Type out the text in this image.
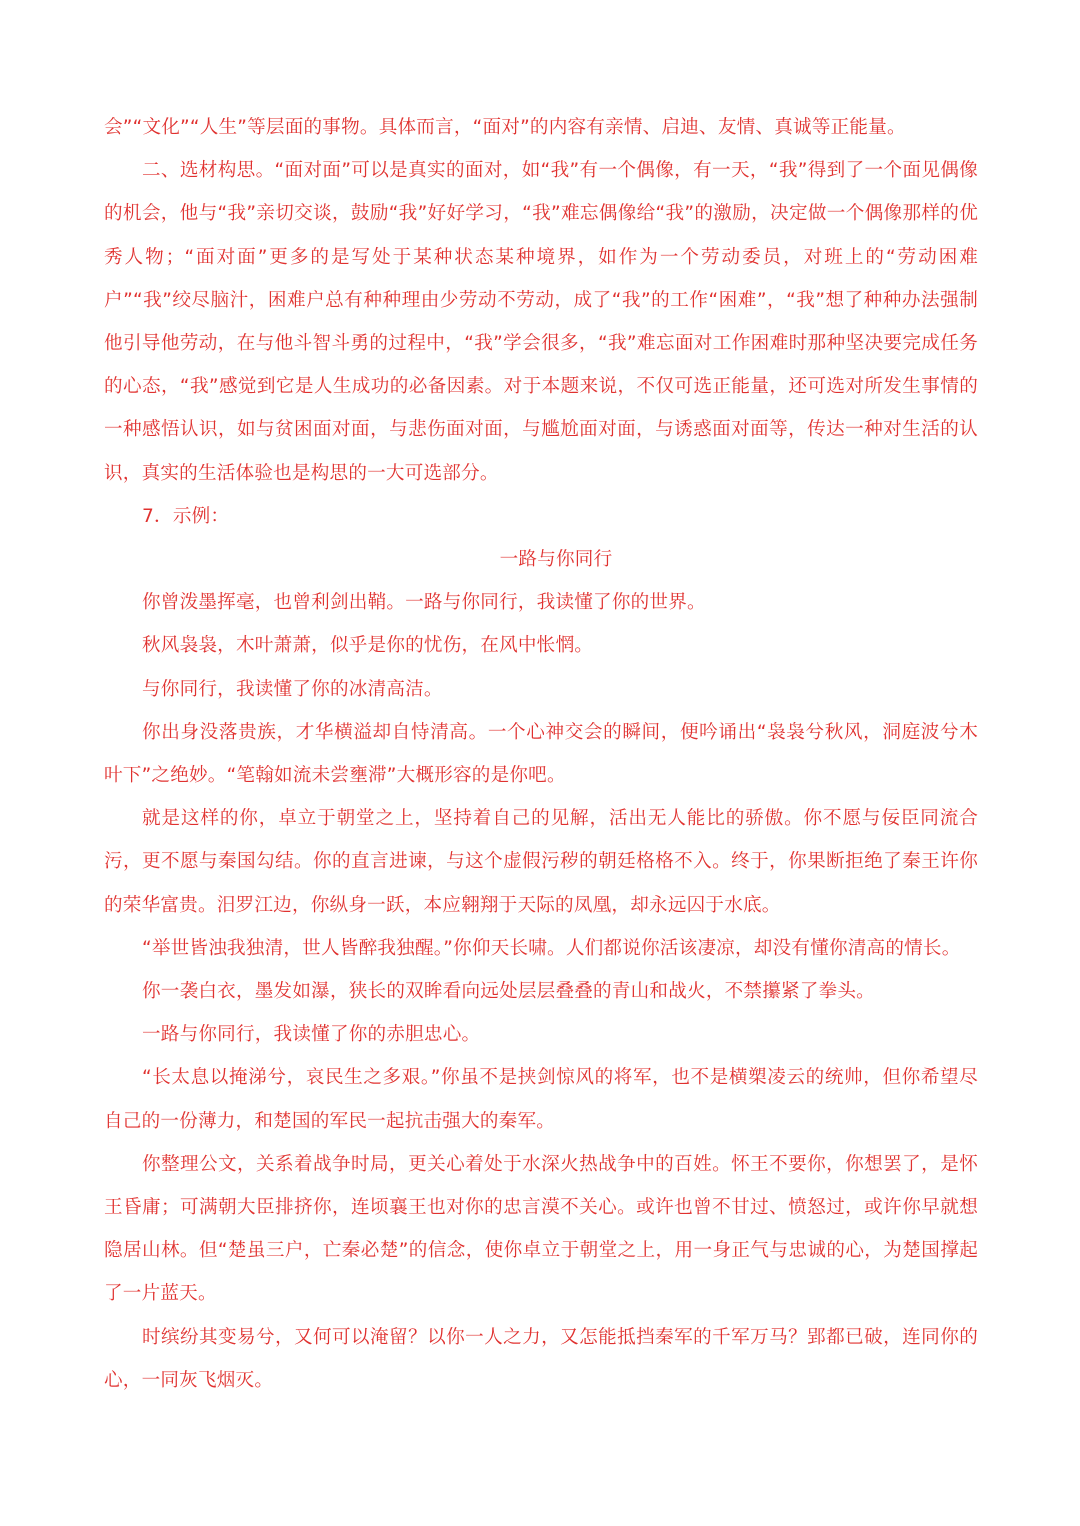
会”“文化”“人生”等层面的事物。具体而言，“面对”的内容有亲情、启迪、友情、真诚等正能量。

二、选材构思。“面对面”可以是真实的面对，如“我”有一个偶像，有一天，“我”得到了一个面见偶像的机会，他与“我”亲切交谈，鼓励“我”好好学习，“我”难忘偶像给“我”的激励，决定做一个偶像那样的优秀人物；“面对面”更多的是写处于某种状态某种境界，如作为一个劳动委员，对班上的“劳动困难户”“我”绞尽脑汁，困难户总有种种理由少劳动不劳动，成了“我”的工作“困难”，“我”想了种种办法强制他引导他劳动，在与他斗智斗勇的过程中，“我”学会很多，“我”难忘面对工作困难时那种坚决要完成任务的心态，“我”感觉到它是人生成功的必备因素。对于本题来说，不仅可选正能量，还可选对所发生事情的一种感悟认识，如与贫困面对面，与悲伤面对面，与尴尬面对面，与诱惑面对面等，传达一种对生活的认识，真实的生活体验也是构思的一大可选部分。

7．示例：

一路与你同行

你曾泼墨挥毫，也曾利剑出鞘。一路与你同行，我读懂了你的世界。

秋风袅袅，木叶萧萧，似乎是你的忧伤，在风中怅惘。

与你同行，我读懂了你的冰清高洁。

你出身没落贵族，才华横溢却自恃清高。一个心神交会的瞬间，便吟诵出“袅袅兮秋风，洞庭波兮木叶下”之绝妙。“笔翰如流未尝壅滞”大概形容的是你吧。

就是这样的你，卓立于朝堂之上，坚持着自己的见解，活出无人能比的骄傲。你不愿与佞臣同流合污，更不愿与秦国勾结。你的直言进谏，与这个虚假污秽的朝廷格格不入。终于，你果断拒绝了秦王许你的荣华富贵。汨罗江边，你纵身一跃，本应翱翔于天际的凤凰，却永远囚于水底。

“举世皆浊我独清，世人皆醉我独醒。”你仰天长啸。人们都说你活该凄凉，却没有懂你清高的情长。

你一袭白衣，墨发如瀑，狭长的双眸看向远处层层叠叠的青山和战火，不禁攥紧了拳头。

一路与你同行，我读懂了你的赤胆忠心。

“长太息以掩涕兮，哀民生之多艰。”你虽不是挟剑惊风的将军，也不是横槊凌云的统帅，但你希望尽自己的一份薄力，和楚国的军民一起抗击强大的秦军。

你整理公文，关系着战争时局，更关心着处于水深火热战争中的百姓。怀王不要你，你想罢了，是怀王昏庸；可满朝大臣排挤你，连顷襄王也对你的忠言漠不关心。或许也曾不甘过、愤怒过，或许你早就想隐居山林。但“楚虽三户，亡秦必楚”的信念，使你卓立于朝堂之上，用一身正气与忠诚的心，为楚国撑起了一片蓝天。

时缤纷其变易兮，又何可以淹留？以你一人之力，又怎能抵挡秦军的千军万马？郢都已破，连同你的心，一同灰飞烟灭。
